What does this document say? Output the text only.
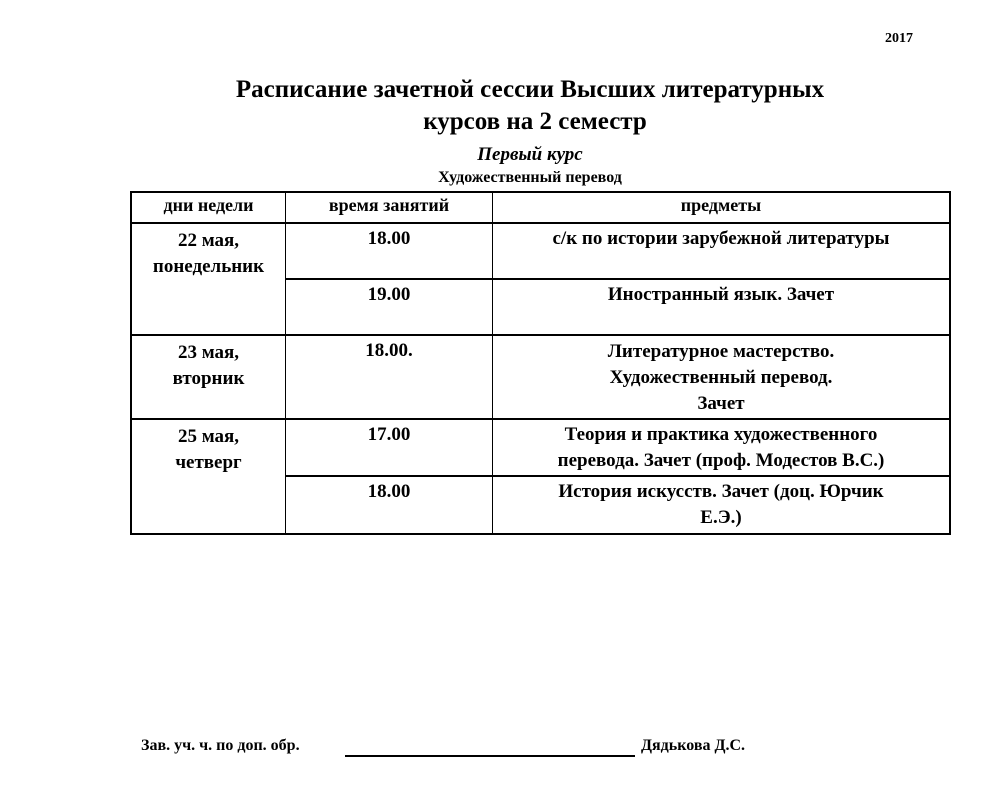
2017
Расписание зачетной сессии Высших литературных
курсов на 2 семестр
Первый курс
Художественный перевод
дни недели	время занятий	предметы
22 мая,
понедельник
18.00	с/к по истории зарубежной литературы
19.00	Иностранный язык. Зачет
23 мая,
вторник
18.00.	Литературное мастерство.
Художественный перевод.
Зачет
25 мая,
четверг
17.00	Теория и практика художественного
перевода. Зачет (проф. Модестов В.С.)
18.00	История искусств. Зачет (доц. Юрчик
Е.Э.)
Зав. уч. ч. по доп. обр.	Дядькова Д.С.
